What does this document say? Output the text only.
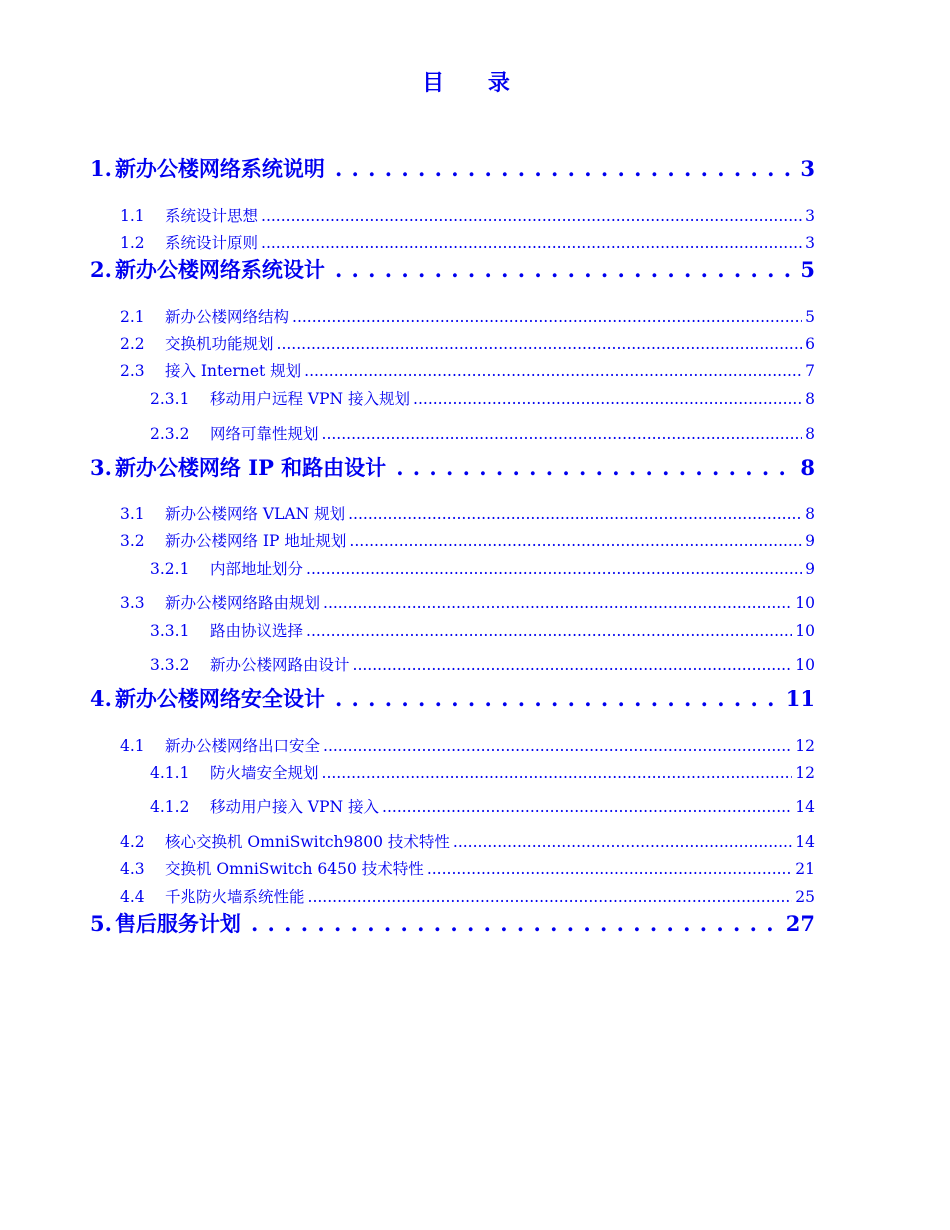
目 录
1. 新办公楼网络系统说明 . . .	3
1.1	系统设计思想 .....	3
1.2	系统设计原则 .....	3
2. 新办公楼网络系统设计 . . .	5
2.1	新办公楼网络结构 .....	5
2.2	交换机功能规划 .....	6
2.3	接入 Internet 规划 .....	7
2.3.1	移动用户远程 VPN 接入规划 .....	8
2.3.2	网络可靠性规划 .....	8
3. 新办公楼网络 IP 和路由设计 . . .	8
3.1	新办公楼网络 VLAN 规划 .....	8
3.2	新办公楼网络 IP 地址规划 .....	9
3.2.1	内部地址划分 .....	9
3.3	新办公楼网络路由规划 .....	10
3.3.1	路由协议选择 .....	10
3.3.2	新办公楼网路由设计 .....	10
4. 新办公楼网络安全设计 . . .	11
4.1	新办公楼网络出口安全 .....	12
4.1.1	防火墙安全规划 .....	12
4.1.2	移动用户接入 VPN 接入 .....	14
4.2	核心交换机 OmniSwitch9800 技术特性 .....	14
4.3	交换机 OmniSwitch 6450 技术特性 .....	21
4.4	千兆防火墙系统性能 .....	25
5. 售后服务计划 . . .	27
